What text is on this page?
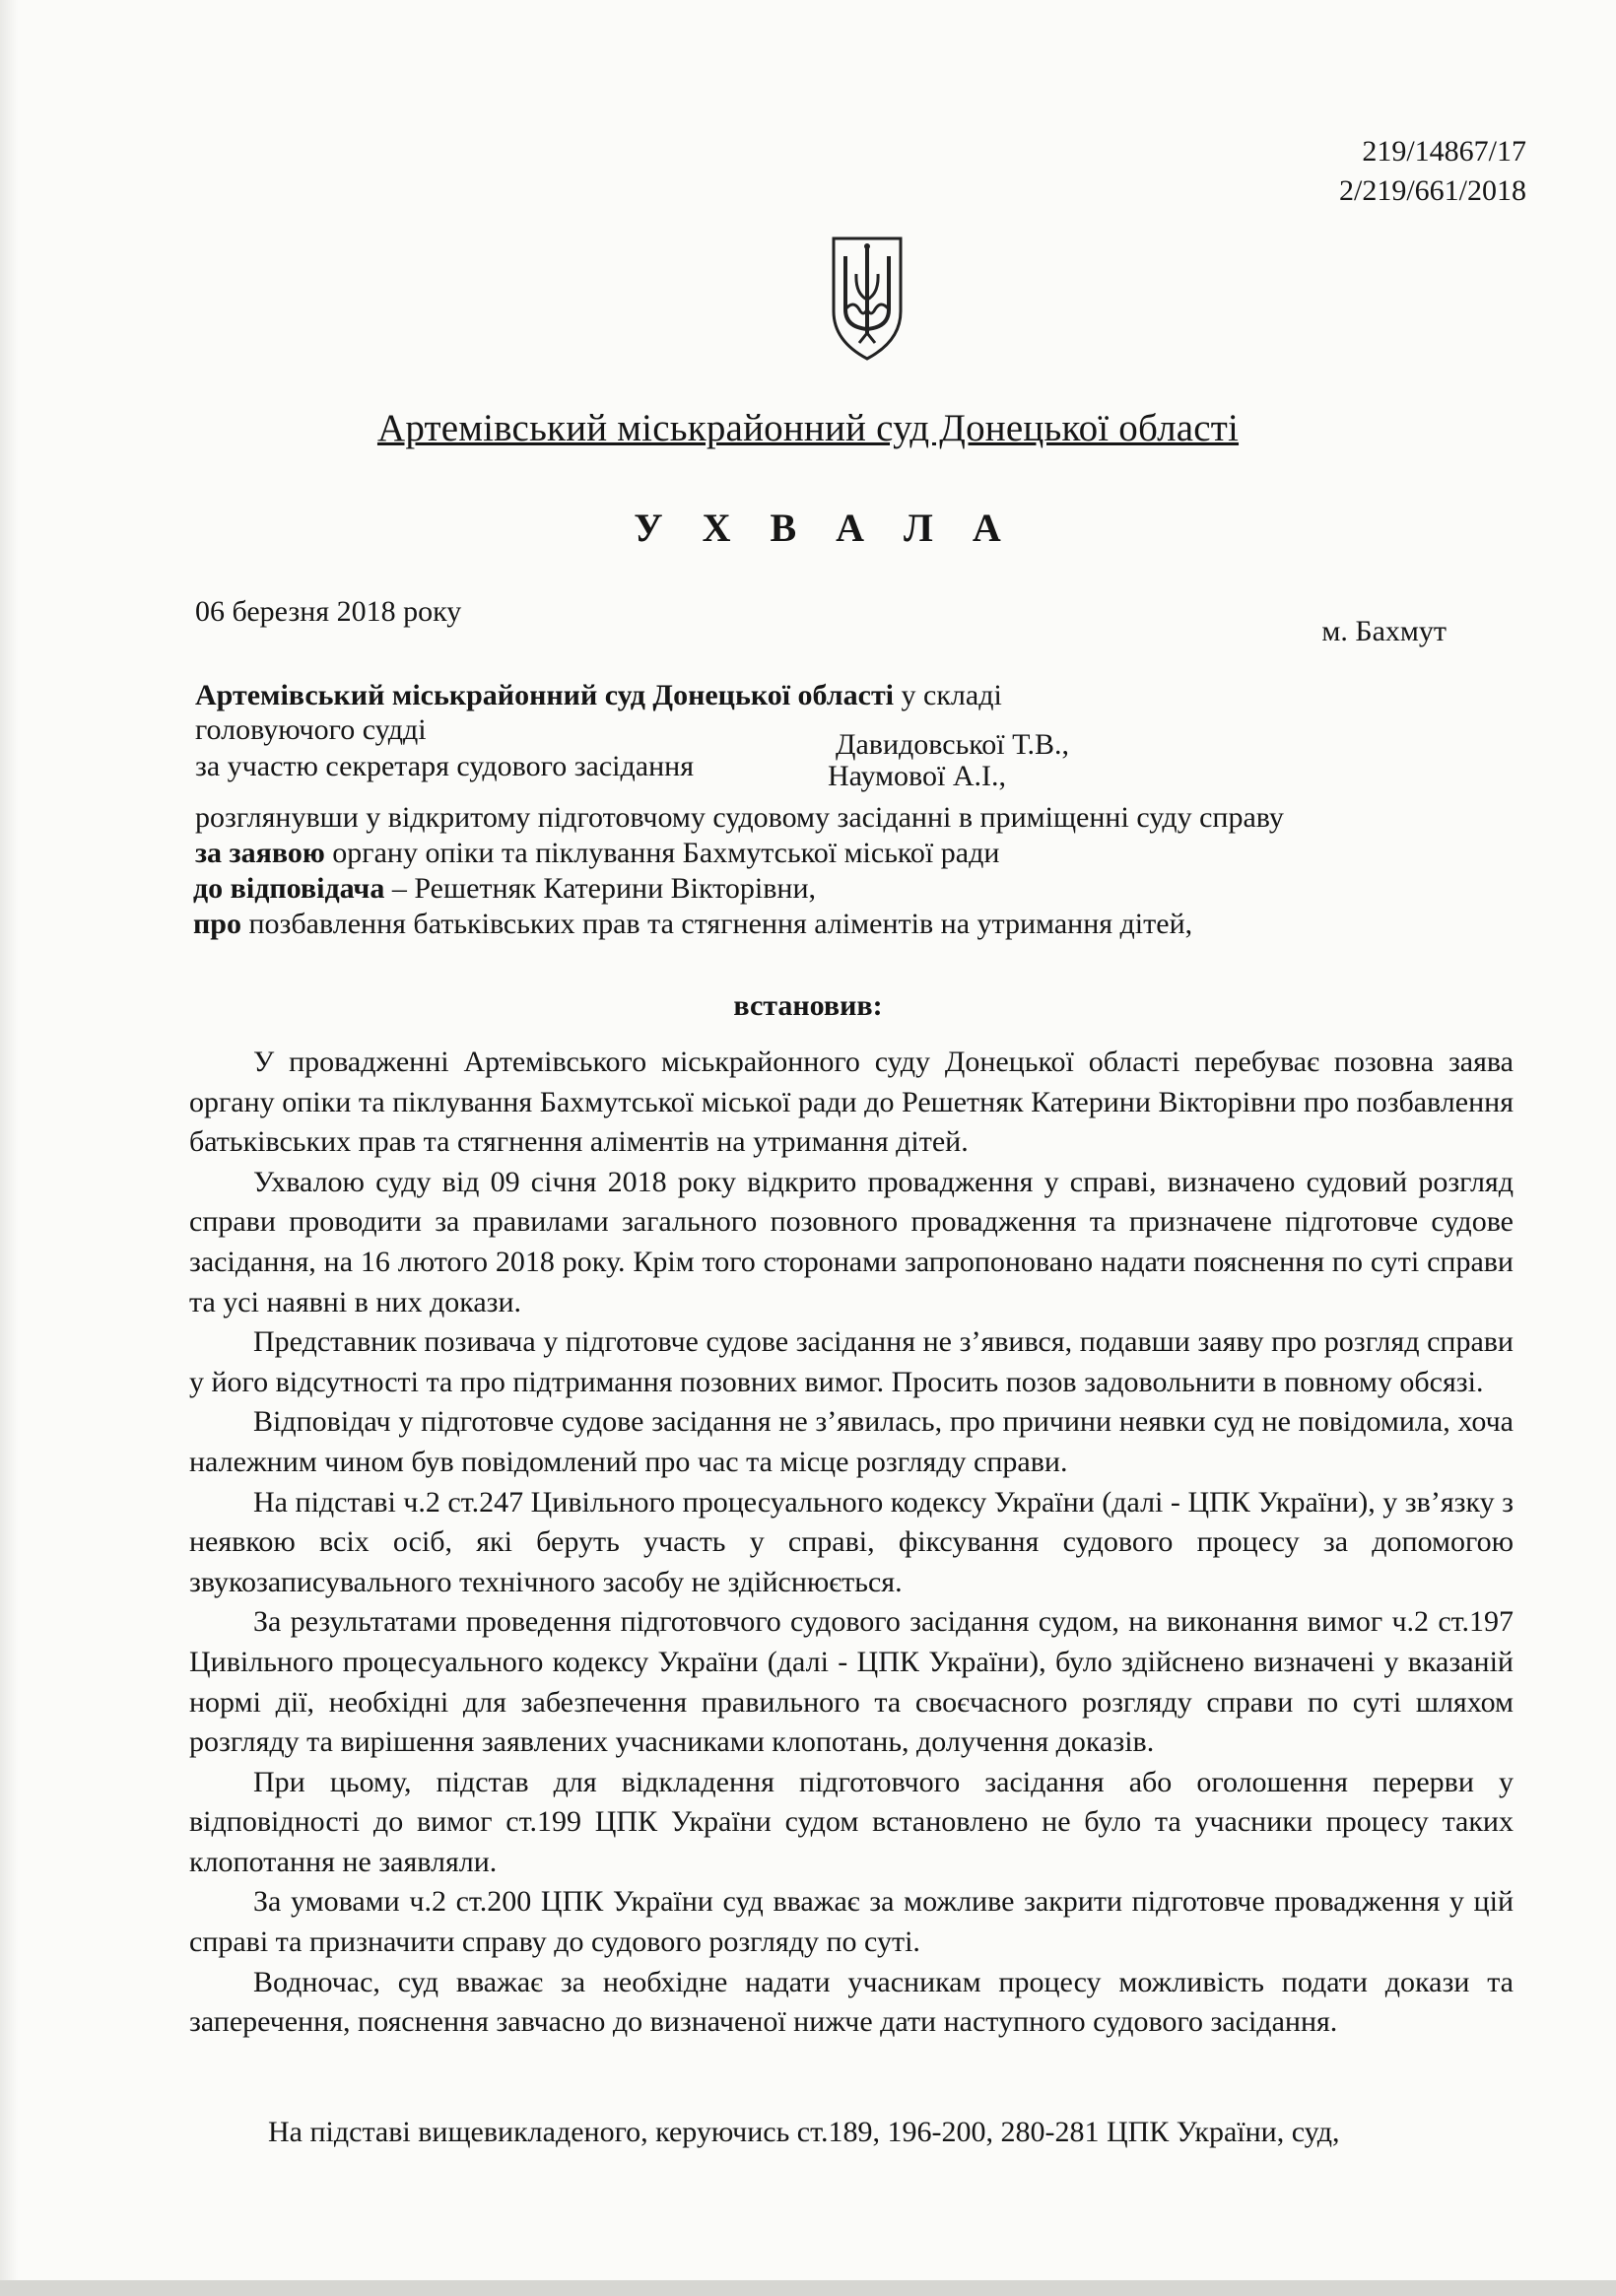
219/14867/17
2/219/661/2018
Артемівський міськрайонний суд Донецької області
У Х В А Л А
06 березня 2018 року
м. Бахмут
Артемівський міськрайонний суд Донецької області у складі
головуючого судді	Давидовської Т.В.,
за участю секретаря судового засідання	Наумової А.І.,
розглянувши у відкритому підготовчому судовому засіданні в приміщенні суду справу
за заявою органу опіки та піклування Бахмутської міської ради
до відповідача – Решетняк Катерини Вікторівни,
про позбавлення батьківських прав та стягнення аліментів на утримання дітей,
встановив:

У провадженні Артемівського міськрайонного суду Донецької області перебуває позовна заява органу опіки та піклування Бахмутської міської ради до Решетняк Катерини Вікторівни про позбавлення батьківських прав та стягнення аліментів на утримання дітей.

Ухвалою суду від 09 січня 2018 року відкрито провадження у справі, визначено судовий розгляд справи проводити за правилами загального позовного провадження та призначене підготовче судове засідання, на 16 лютого 2018 року. Крім того сторонами запропоновано надати пояснення по суті справи та усі наявні в них докази.

Представник позивача у підготовче судове засідання не з’явився, подавши заяву про розгляд справи у його відсутності та про підтримання позовних вимог. Просить позов задовольнити в повному обсязі.

Відповідач у підготовче судове засідання не з’явилась, про причини неявки суд не повідомила, хоча належним чином був повідомлений про час та місце розгляду справи.

На підставі ч.2 ст.247 Цивільного процесуального кодексу України (далі - ЦПК України), у зв’язку з неявкою всіх осіб, які беруть участь у справі, фіксування судового процесу за допомогою звукозаписувального технічного засобу не здійснюється.

За результатами проведення підготовчого судового засідання судом, на виконання вимог ч.2 ст.197 Цивільного процесуального кодексу України (далі - ЦПК України), було здійснено визначені у вказаній нормі дії, необхідні для забезпечення правильного та своєчасного розгляду справи по суті шляхом розгляду та вирішення заявлених учасниками клопотань, долучення доказів.

При цьому, підстав для відкладення підготовчого засідання або оголошення перерви у відповідності до вимог ст.199 ЦПК України судом встановлено не було та учасники процесу таких клопотання не заявляли.

За умовами ч.2 ст.200 ЦПК України суд вважає за можливе закрити підготовче провадження у цій справі та призначити справу до судового розгляду по суті.

Водночас, суд вважає за необхідне надати учасникам процесу можливість подати докази та заперечення, пояснення завчасно до визначеної нижче дати наступного судового засідання.

На підставі вищевикладеного, керуючись ст.189, 196-200, 280-281 ЦПК України, суд,
